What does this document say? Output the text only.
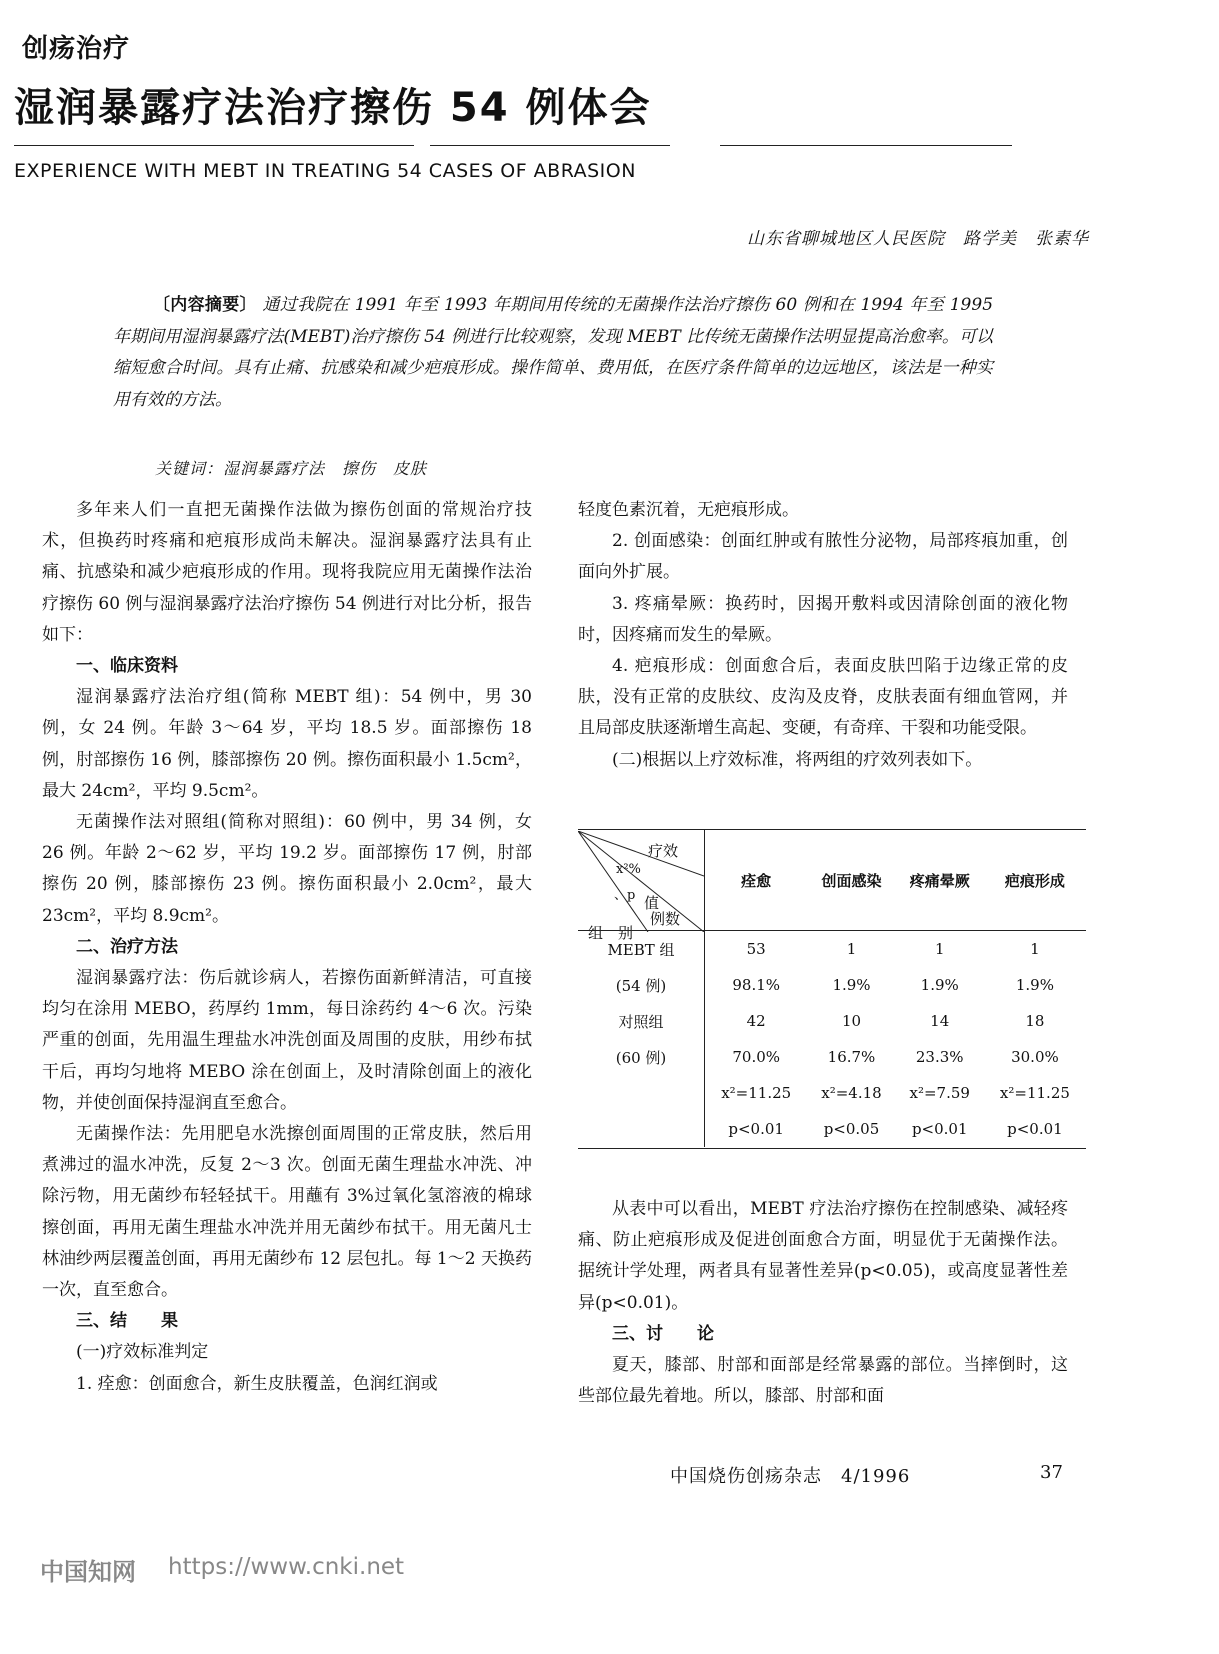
创疡治疗
湿润暴露疗法治疗擦伤 54 例体会
EXPERIENCE WITH MEBT IN TREATING 54 CASES OF ABRASION
山东省聊城地区人民医院　路学美　张素华
〔内容摘要〕 通过我院在 1991 年至 1993 年期间用传统的无菌操作法治疗擦伤 60 例和在 1994 年至 1995 年期间用湿润暴露疗法(MEBT)治疗擦伤 54 例进行比较观察，发现 MEBT 比传统无菌操作法明显提高治愈率。可以缩短愈合时间。具有止痛、抗感染和减少疤痕形成。操作简单、费用低，在医疗条件简单的边远地区，该法是一种实用有效的方法。
关键词：湿润暴露疗法　擦伤　皮肤

多年来人们一直把无菌操作法做为擦伤创面的常规治疗技术，但换药时疼痛和疤痕形成尚未解决。湿润暴露疗法具有止痛、抗感染和减少疤痕形成的作用。现将我院应用无菌操作法治疗擦伤 60 例与湿润暴露疗法治疗擦伤 54 例进行对比分析，报告如下：

一、临床资料

湿润暴露疗法治疗组(简称 MEBT 组)：54 例中，男 30 例，女 24 例。年龄 3～64 岁，平均 18.5 岁。面部擦伤 18 例，肘部擦伤 16 例，膝部擦伤 20 例。擦伤面积最小 1.5cm²，最大 24cm²，平均 9.5cm²。

无菌操作法对照组(简称对照组)：60 例中，男 34 例，女 26 例。年龄 2～62 岁，平均 19.2 岁。面部擦伤 17 例，肘部擦伤 20 例，膝部擦伤 23 例。擦伤面积最小 2.0cm²，最大 23cm²，平均 8.9cm²。

二、治疗方法

湿润暴露疗法：伤后就诊病人，若擦伤面新鲜清洁，可直接均匀在涂用 MEBO，药厚约 1mm，每日涂药约 4～6 次。污染严重的创面，先用温生理盐水冲洗创面及周围的皮肤，用纱布拭干后，再均匀地将 MEBO 涂在创面上，及时清除创面上的液化物，并使创面保持湿润直至愈合。

无菌操作法：先用肥皂水洗擦创面周围的正常皮肤，然后用煮沸过的温水冲洗，反复 2～3 次。创面无菌生理盐水冲洗、冲除污物，用无菌纱布轻轻拭干。用蘸有 3%过氧化氢溶液的棉球擦创面，再用无菌生理盐水冲洗并用无菌纱布拭干。用无菌凡士林油纱两层覆盖创面，再用无菌纱布 12 层包扎。每 1～2 天换药一次，直至愈合。

三、结　　果

(一)疗效标准判定

1. 痊愈：创面愈合，新生皮肤覆盖，色润红润或

轻度色素沉着，无疤痕形成。

2. 创面感染：创面红肿或有脓性分泌物，局部疼痕加重，创面向外扩展。

3. 疼痛晕厥：换药时，因揭开敷料或因清除创面的液化物时，因疼痛而发生的晕厥。

4. 疤痕形成：创面愈合后，表面皮肤凹陷于边缘正常的皮肤，没有正常的皮肤纹、皮沟及皮脊，皮肤表面有细血管网，并且局部皮肤逐渐增生高起、变硬，有奇痒、干裂和功能受限。

(二)根据以上疗效标准，将两组的疗效列表如下。

疗效
x²%
、p 值
例数
组　别
	痊愈	创面感染	疼痛晕厥	疤痕形成
MEBT 组	53	1	1	1
(54 例)	98.1%	1.9%	1.9%	1.9%
对照组	42	10	14	18
(60 例)	70.0%	16.7%	23.3%	30.0%
	x²=11.25	x²=4.18	x²=7.59	x²=11.25
	p<0.01	p<0.05	p<0.01	p<0.01

从表中可以看出，MEBT 疗法治疗擦伤在控制感染、减轻疼痛、防止疤痕形成及促进创面愈合方面，明显优于无菌操作法。据统计学处理，两者具有显著性差异(p<0.05)，或高度显著性差异(p<0.01)。

三、讨　　论

夏天，膝部、肘部和面部是经常暴露的部位。当摔倒时，这些部位最先着地。所以，膝部、肘部和面

中国烧伤创疡杂志　4/1996	37
中国知网 https://www.cnki.net
